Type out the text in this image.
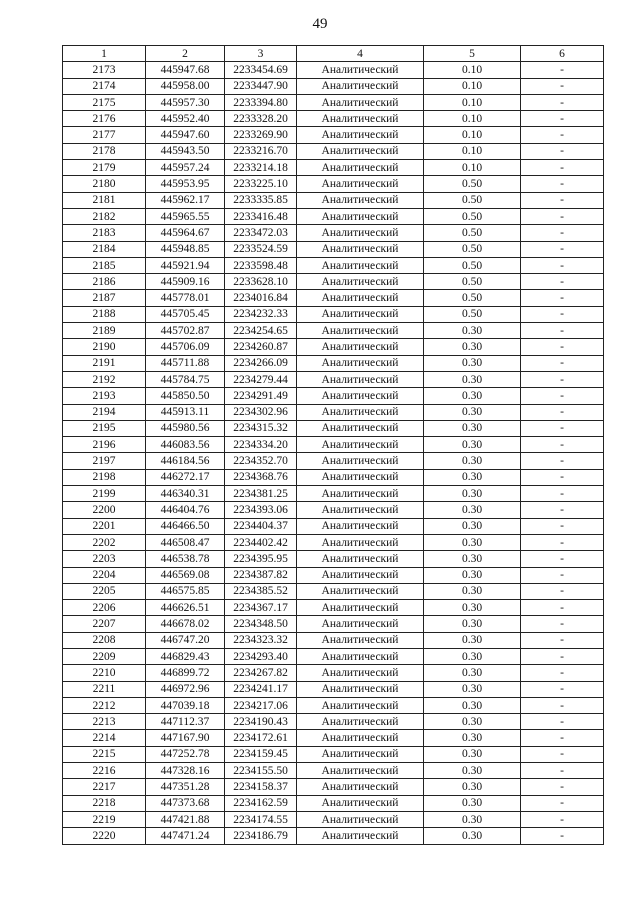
49
1	2	3	4	5	6
2173	445947.68	2233454.69	Аналитический	0.10	-
2174	445958.00	2233447.90	Аналитический	0.10	-
2175	445957.30	2233394.80	Аналитический	0.10	-
2176	445952.40	2233328.20	Аналитический	0.10	-
2177	445947.60	2233269.90	Аналитический	0.10	-
2178	445943.50	2233216.70	Аналитический	0.10	-
2179	445957.24	2233214.18	Аналитический	0.10	-
2180	445953.95	2233225.10	Аналитический	0.50	-
2181	445962.17	2233335.85	Аналитический	0.50	-
2182	445965.55	2233416.48	Аналитический	0.50	-
2183	445964.67	2233472.03	Аналитический	0.50	-
2184	445948.85	2233524.59	Аналитический	0.50	-
2185	445921.94	2233598.48	Аналитический	0.50	-
2186	445909.16	2233628.10	Аналитический	0.50	-
2187	445778.01	2234016.84	Аналитический	0.50	-
2188	445705.45	2234232.33	Аналитический	0.50	-
2189	445702.87	2234254.65	Аналитический	0.30	-
2190	445706.09	2234260.87	Аналитический	0.30	-
2191	445711.88	2234266.09	Аналитический	0.30	-
2192	445784.75	2234279.44	Аналитический	0.30	-
2193	445850.50	2234291.49	Аналитический	0.30	-
2194	445913.11	2234302.96	Аналитический	0.30	-
2195	445980.56	2234315.32	Аналитический	0.30	-
2196	446083.56	2234334.20	Аналитический	0.30	-
2197	446184.56	2234352.70	Аналитический	0.30	-
2198	446272.17	2234368.76	Аналитический	0.30	-
2199	446340.31	2234381.25	Аналитический	0.30	-
2200	446404.76	2234393.06	Аналитический	0.30	-
2201	446466.50	2234404.37	Аналитический	0.30	-
2202	446508.47	2234402.42	Аналитический	0.30	-
2203	446538.78	2234395.95	Аналитический	0.30	-
2204	446569.08	2234387.82	Аналитический	0.30	-
2205	446575.85	2234385.52	Аналитический	0.30	-
2206	446626.51	2234367.17	Аналитический	0.30	-
2207	446678.02	2234348.50	Аналитический	0.30	-
2208	446747.20	2234323.32	Аналитический	0.30	-
2209	446829.43	2234293.40	Аналитический	0.30	-
2210	446899.72	2234267.82	Аналитический	0.30	-
2211	446972.96	2234241.17	Аналитический	0.30	-
2212	447039.18	2234217.06	Аналитический	0.30	-
2213	447112.37	2234190.43	Аналитический	0.30	-
2214	447167.90	2234172.61	Аналитический	0.30	-
2215	447252.78	2234159.45	Аналитический	0.30	-
2216	447328.16	2234155.50	Аналитический	0.30	-
2217	447351.28	2234158.37	Аналитический	0.30	-
2218	447373.68	2234162.59	Аналитический	0.30	-
2219	447421.88	2234174.55	Аналитический	0.30	-
2220	447471.24	2234186.79	Аналитический	0.30	-
